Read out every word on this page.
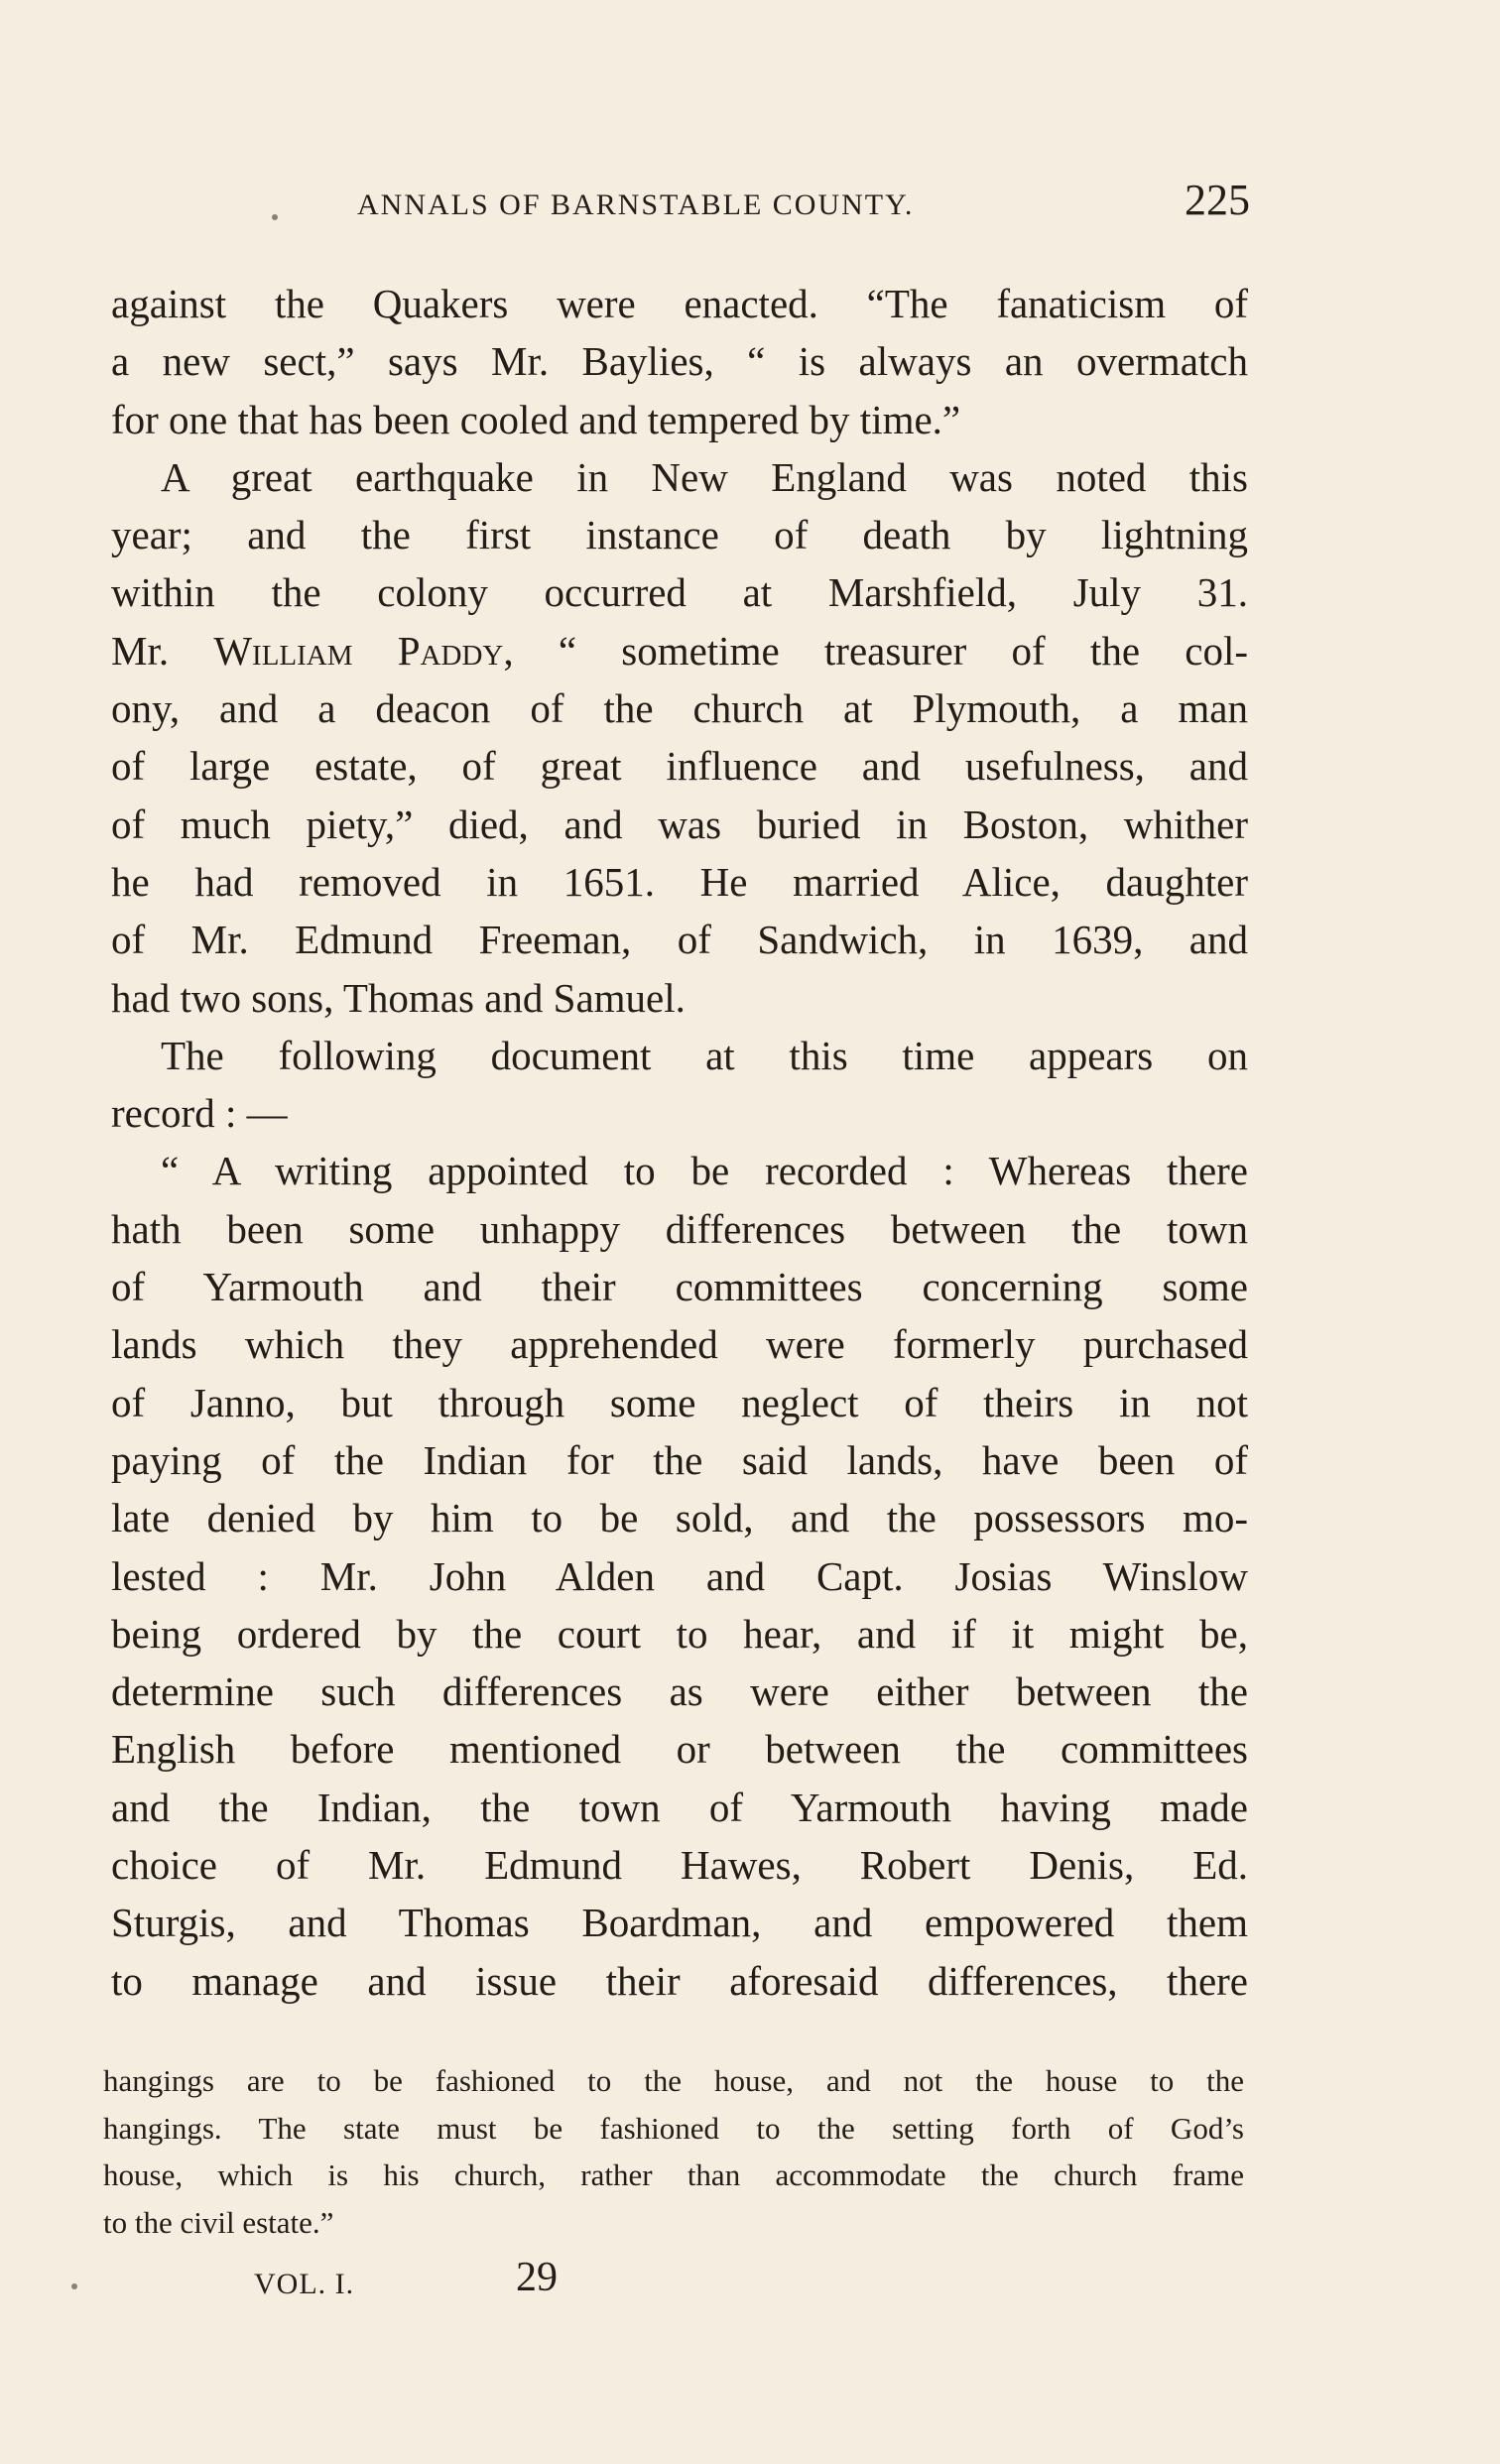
ANNALS OF BARNSTABLE COUNTY.	225
against the Quakers were enacted. “The fanaticism of
a new sect,” says Mr. Baylies, “ is always an overmatch
for one that has been cooled and tempered by time.”
A great earthquake in New England was noted this
year; and the first instance of death by lightning
within the colony occurred at Marshfield, July 31.
Mr. William Paddy, “ sometime treasurer of the col-
ony, and a deacon of the church at Plymouth, a man
of large estate, of great influence and usefulness, and
of much piety,” died, and was buried in Boston, whither
he had removed in 1651. He married Alice, daughter
of Mr. Edmund Freeman, of Sandwich, in 1639, and
had two sons, Thomas and Samuel.
The following document at this time appears on
record : —
“ A writing appointed to be recorded : Whereas there
hath been some unhappy differences between the town
of Yarmouth and their committees concerning some
lands which they apprehended were formerly purchased
of Janno, but through some neglect of theirs in not
paying of the Indian for the said lands, have been of
late denied by him to be sold, and the possessors mo-
lested : Mr. John Alden and Capt. Josias Winslow
being ordered by the court to hear, and if it might be,
determine such differences as were either between the
English before mentioned or between the committees
and the Indian, the town of Yarmouth having made
choice of Mr. Edmund Hawes, Robert Denis, Ed.
Sturgis, and Thomas Boardman, and empowered them
to manage and issue their aforesaid differences, there
hangings are to be fashioned to the house, and not the house to the
hangings. The state must be fashioned to the setting forth of God’s
house, which is his church, rather than accommodate the church frame
to the civil estate.”
VOL. I.	29
